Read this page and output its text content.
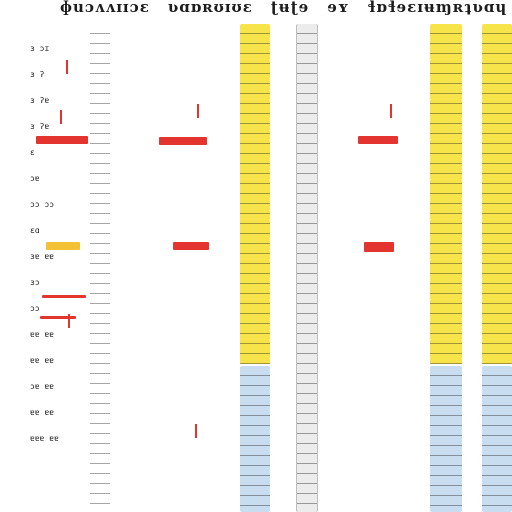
ɸuɔʌʌɪɪɔɛ ʋɑɒʀʊɪʊɛ ʈʉʈɘ ɘʏ ɬɒɬɘɛɪʉɱʀʇʋɑɥ
ɜ ɔɪ
ɜ ʔ
ɜ ʔɐ
ɜ ʔɐ
ɛ
ɔɐ
ɔɔ ɔɔ
ɛɑ
ɜɐ ɐɐ
ɜɔ
ɔɔ
ɐɐ ɐɐ
ɐɐ ɐɐ
ɔɐ ɐɐ
ɐɐ ɐɐ
ɐɐɐ ɐɐ
